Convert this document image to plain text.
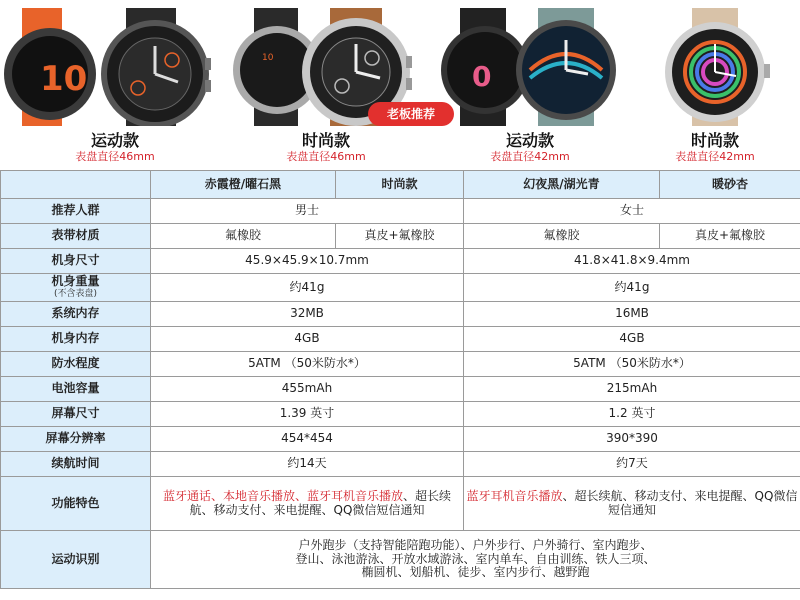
10
运动款
表盘直径46mm
10
时尚款
表盘直径46mm
0
运动款
表盘直径42mm
时尚款
表盘直径42mm
老板推荐
	赤霞橙/曜石黑	时尚款	幻夜黑/湖光青	暖砂杏
推荐人群	男士		女士	
表带材质	氟橡胶	真皮+氟橡胶	氟橡胶	真皮+氟橡胶
机身尺寸	45.9×45.9×10.7mm		41.8×41.8×9.4mm	
机身重量
(不含表盘)	约41g		约41g	
系统内存	32MB		16MB	
机身内存	4GB		4GB	
防水程度	5ATM （50米防水*）		5ATM （50米防水*）	
电池容量	455mAh		215mAh	
屏幕尺寸	1.39 英寸		1.2 英寸	
屏幕分辨率	454*454		390*390	
续航时间	约14天		约7天	
功能特色	蓝牙通话、本地音乐播放、蓝牙耳机音乐播放、超长续航、移动支付、来电提醒、QQ微信短信通知		蓝牙耳机音乐播放、超长续航、移动支付、来电提醒、QQ微信短信通知	
运动识别	户外跑步（支持智能陪跑功能）、户外步行、户外骑行、室内跑步、
登山、泳池游泳、开放水域游泳、室内单车、自由训练、铁人三项、
椭圆机、划船机、徒步、室内步行、越野跑			
